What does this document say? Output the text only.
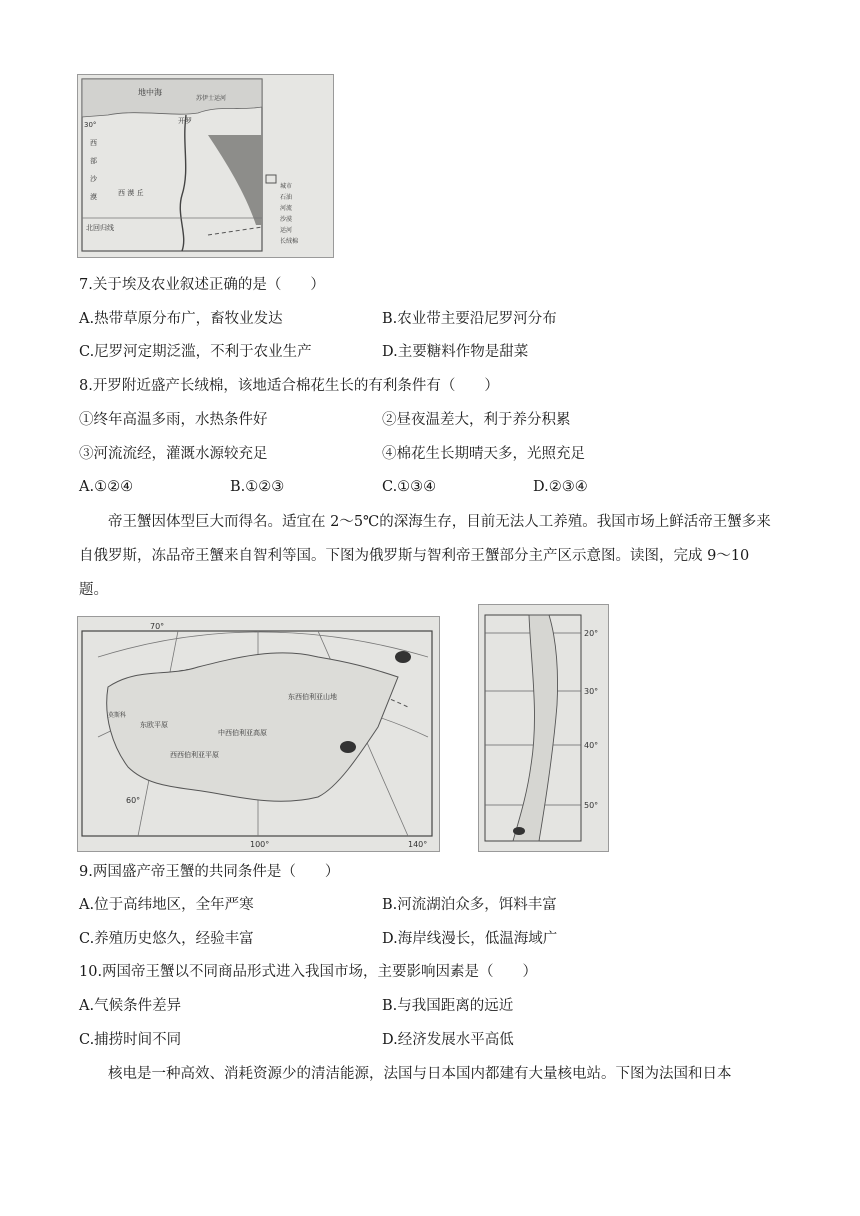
地中海
苏伊士运河
开罗
30°
西
部
沙
漠	西 漠 丘
北回归线
城市
石油
河流
沙漠
运河
长绒棉
7.关于埃及农业叙述正确的是（　　）
A.热带草原分布广，畜牧业发达	B.农业带主要沿尼罗河分布
C.尼罗河定期泛滥，不利于农业生产	D.主要糖料作物是甜菜
8.开罗附近盛产长绒棉，该地适合棉花生长的有利条件有（　　）
①终年高温多雨，水热条件好	②昼夜温差大，利于养分积累
③河流流经，灌溉水源较充足	④棉花生长期晴天多，光照充足
A.①②④	B.①②③	C.①③④	D.②③④
帝王蟹因体型巨大而得名。适宜在 2～5℃的深海生存，目前无法人工养殖。我国市场上鲜活帝王蟹多来自俄罗斯，冻品帝王蟹来自智利等国。下图为俄罗斯与智利帝王蟹部分主产区示意图。读图，完成 9～10 题。
70°
100°	140°
60°
东欧平原
西西伯利亚平原
中西伯利亚高原
东西伯利亚山地
莫斯科
20°
30°
40°
50°
9.两国盛产帝王蟹的共同条件是（　　）
A.位于高纬地区，全年严寒	B.河流湖泊众多，饵料丰富
C.养殖历史悠久，经验丰富	D.海岸线漫长，低温海域广
10.两国帝王蟹以不同商品形式进入我国市场，主要影响因素是（　　）
A.气候条件差异	B.与我国距离的远近
C.捕捞时间不同	D.经济发展水平高低
核电是一种高效、消耗资源少的清洁能源，法国与日本国内都建有大量核电站。下图为法国和日本
